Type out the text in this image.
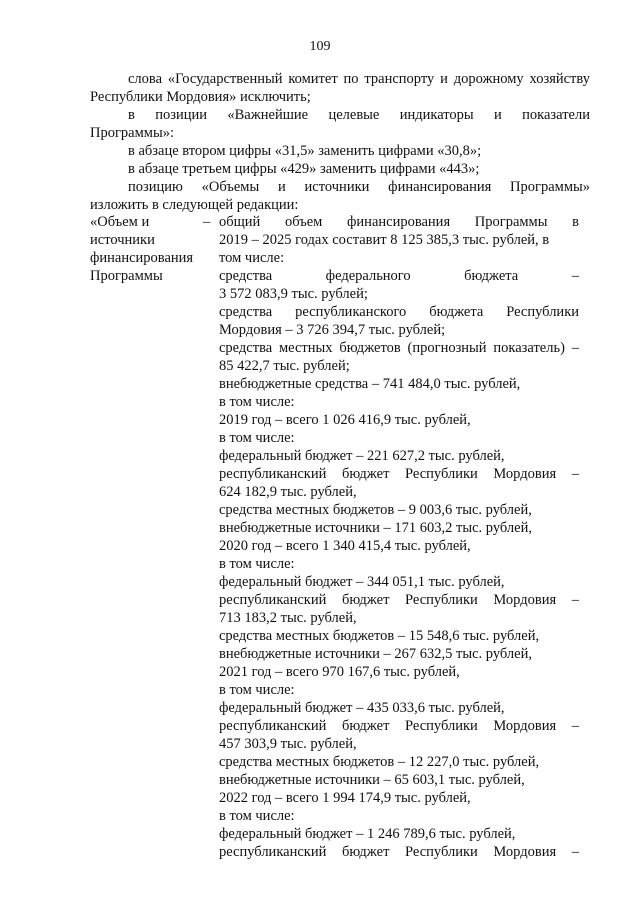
109
слова «Государственный комитет по транспорту и дорожному хозяйству Республики Мордовия» исключить;
в позиции «Важнейшие целевые индикаторы и показатели
Программы»:
в абзаце втором цифры «31,5» заменить цифрами «30,8»;
в абзаце третьем цифры «429» заменить цифрами «443»;
позицию «Объемы и источники финансирования Программы»
изложить в следующей редакции:
«Объем и
источники
финансирования
Программы
– общий объем финансирования Программы в
2019 – 2025 годах составит 8 125 385,3 тыс. рублей, в
том числе:
средства федерального бюджета –
3 572 083,9 тыс. рублей;
средства республиканского бюджета Республики
Мордовия – 3 726 394,7 тыс. рублей;
средства местных бюджетов (прогнозный показатель) –
85 422,7 тыс. рублей;
внебюджетные средства – 741 484,0 тыс. рублей,
в том числе:
2019 год – всего 1 026 416,9 тыс. рублей,
в том числе:
федеральный бюджет – 221 627,2 тыс. рублей,
республиканский бюджет Республики Мордовия –
624 182,9 тыс. рублей,
средства местных бюджетов – 9 003,6 тыс. рублей,
внебюджетные источники – 171 603,2 тыс. рублей,
2020 год – всего 1 340 415,4 тыс. рублей,
в том числе:
федеральный бюджет – 344 051,1 тыс. рублей,
республиканский бюджет Республики Мордовия –
713 183,2 тыс. рублей,
средства местных бюджетов – 15 548,6 тыс. рублей,
внебюджетные источники – 267 632,5 тыс. рублей,
2021 год – всего 970 167,6 тыс. рублей,
в том числе:
федеральный бюджет – 435 033,6 тыс. рублей,
республиканский бюджет Республики Мордовия –
457 303,9 тыс. рублей,
средства местных бюджетов – 12 227,0 тыс. рублей,
внебюджетные источники – 65 603,1 тыс. рублей,
2022 год – всего 1 994 174,9 тыс. рублей,
в том числе:
федеральный бюджет – 1 246 789,6 тыс. рублей,
республиканский бюджет Республики Мордовия –
